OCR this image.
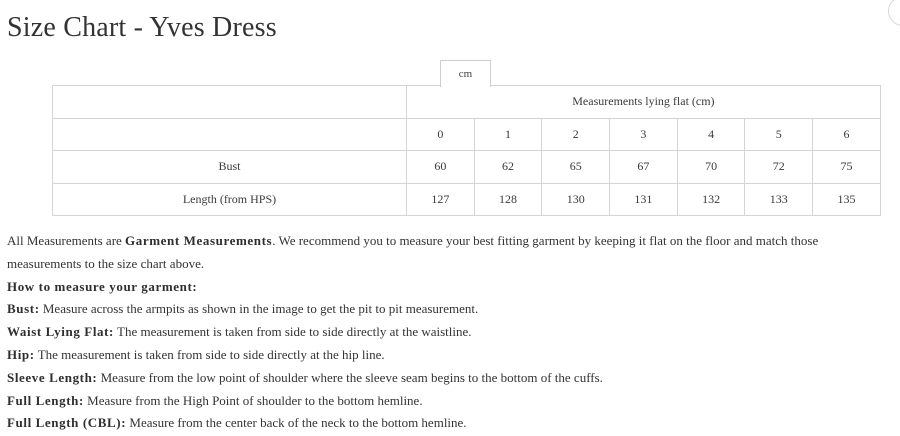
Size Chart - Yves Dress
cm
	Measurements lying flat (cm)						
	0	1	2	3	4	5	6
Bust	60	62	65	67	70	72	75
Length (from HPS)	127	128	130	131	132	133	135

All Measurements are Garment Measurements. We recommend you to measure your best fitting garment by keeping it flat on the floor and match those

measurements to the size chart above.

How to measure your garment:

Bust: Measure across the armpits as shown in the image to get the pit to pit measurement.

Waist Lying Flat: The measurement is taken from side to side directly at the waistline.

Hip: The measurement is taken from side to side directly at the hip line.

Sleeve Length: Measure from the low point of shoulder where the sleeve seam begins to the bottom of the cuffs.

Full Length: Measure from the High Point of shoulder to the bottom hemline.

Full Length (CBL): Measure from the center back of the neck to the bottom hemline.
